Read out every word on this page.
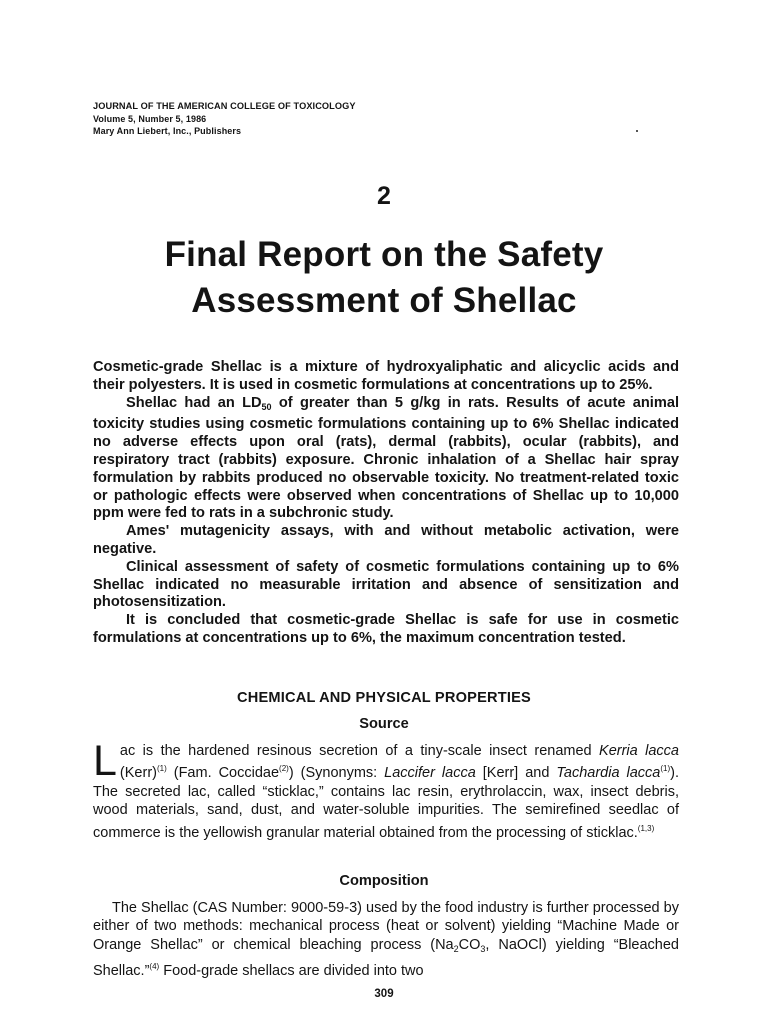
JOURNAL OF THE AMERICAN COLLEGE OF TOXICOLOGY
Volume 5, Number 5, 1986
Mary Ann Liebert, Inc., Publishers
2
Final Report on the Safety
Assessment of Shellac

Cosmetic-grade Shellac is a mixture of hydroxyaliphatic and alicyclic acids and their polyesters. It is used in cosmetic formulations at concentrations up to 25%.

Shellac had an $LD_{50}$ of greater than 5 g/kg in rats. Results of acute animal toxicity studies using cosmetic formulations containing up to 6% Shellac indicated no adverse effects upon oral (rats), dermal (rabbits), ocular (rabbits), and respiratory tract (rabbits) exposure. Chronic inhalation of a Shellac hair spray formulation by rabbits produced no observable toxicity. No treatment-related toxic or pathologic effects were observed when concentrations of Shellac up to 10,000 ppm were fed to rats in a subchronic study.

Ames' mutagenicity assays, with and without metabolic activation, were negative.

Clinical assessment of safety of cosmetic formulations containing up to 6% Shellac indicated no measurable irritation and absence of sensitization and photosensitization.

It is concluded that cosmetic-grade Shellac is safe for use in cosmetic formulations at concentrations up to 6%, the maximum concentration tested.

CHEMICAL AND PHYSICAL PROPERTIES
Source

Lac is the hardened resinous secretion of a tiny-scale insect renamed Kerria lacca (Kerr)$^{(1)}$ (Fam. Coccidae$^{(2)}$) (Synonyms: Laccifer lacca [Kerr] and Tachardia lacca$^{(1)}$). The secreted lac, called “sticklac,” contains lac resin, erythrolaccin, wax, insect debris, wood materials, sand, dust, and water-soluble impurities. The semirefined seedlac of commerce is the yellowish granular material obtained from the processing of sticklac.$^{(1,3)}$

Composition

The Shellac (CAS Number: 9000-59-3) used by the food industry is further processed by either of two methods: mechanical process (heat or solvent) yielding “Machine Made or Orange Shellac” or chemical bleaching process ($Na_2CO_3$, NaOCl) yielding “Bleached Shellac.”$^{(4)}$ Food-grade shellacs are divided into two

309
